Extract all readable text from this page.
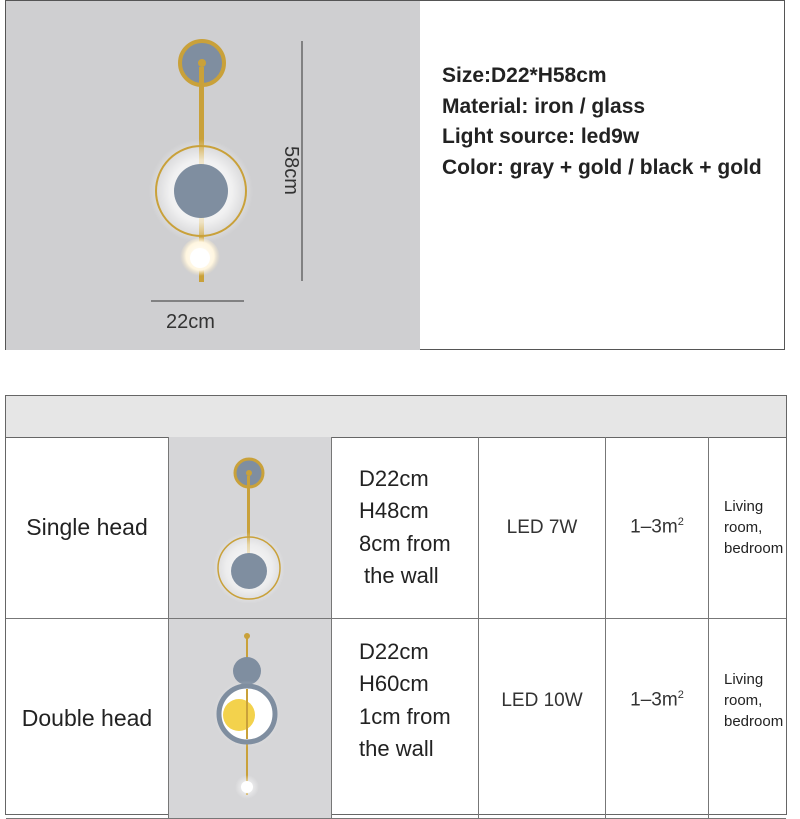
58cm
22cm
Size:D22*H58cm
Material: iron / glass
Light source: led9w
Color: gray + gold / black + gold
Single head
D22cm
H48cm
8cm from
the wall
LED 7W	$1-3m^2$
Living
room,
bedroom
Double head
D22cm
H60cm
1cm from
the wall
LED 10W	$1-3m^2$
Living
room,
bedroom
